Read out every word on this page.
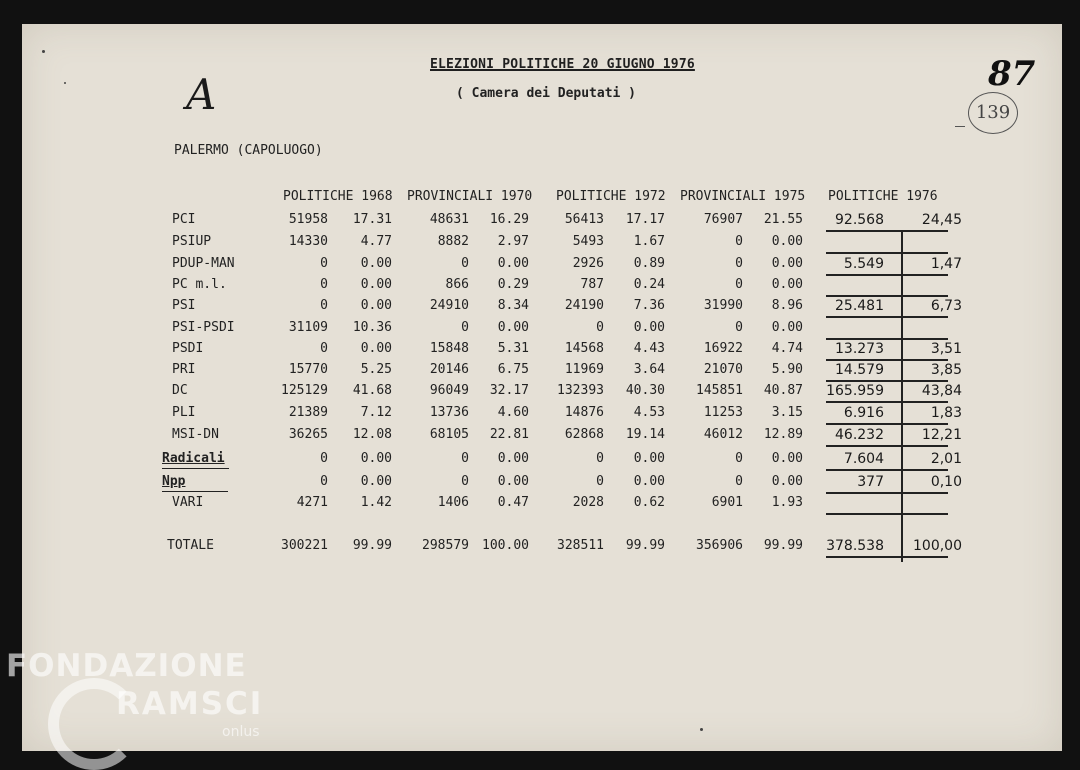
ELEZIONI POLITICHE 20 GIUGNO 1976
( Camera dei Deputati )
A	87
139
PALERMO (CAPOLUOGO)
POLITICHE 1968 PROVINCIALI 1970 POLITICHE 1972 PROVINCIALI 1975 POLITICHE 1976
PCI	51958 17.31	48631 16.29	56413 17.17	76907 21.55 92.568	24,45
PSIUP	14330	4.77	8882 2.97	5493 1.67	0 0.00
PDUP-MAN	0	0.00	0 0.00	2926 0.89	0 0.00	5.549	1,47
PC m.l.	0	0.00	866 0.29	787 0.24	0 0.00
PSI	0	0.00	24910 8.34	24190 7.36	31990 8.96 25.481	6,73
PSI-PSDI	31109 10.36	0 0.00	0 0.00	0 0.00
PSDI	0	0.00	15848 5.31	14568 4.43	16922 4.74 13.273	3,51
PRI	15770	5.25	20146 6.75	11969 3.64	21070 5.90 14.579	3,85
DC	125129 41.68	96049 32.17 132393 40.30 145851 40.87 165.959	43,84
PLI	21389	7.12	13736 4.60	14876 4.53	11253 3.15	6.916	1,83
MSI-DN	36265 12.08	68105 22.81	62868 19.14	46012 12.89 46.232	12,21
Radicali	0	0.00	0 0.00	0 0.00	0 0.00	7.604	2,01
Npp	0	0.00	0 0.00	0 0.00	0 0.00	377	0,10
VARI	4271	1.42	1406 0.47	2028 0.62	6901 1.93
TOTALE	300221 99.99 298579 100.00 328511 99.99 356906 99.99 378.538 100,00
FONDAZIONE
RAMSCI
onlus
